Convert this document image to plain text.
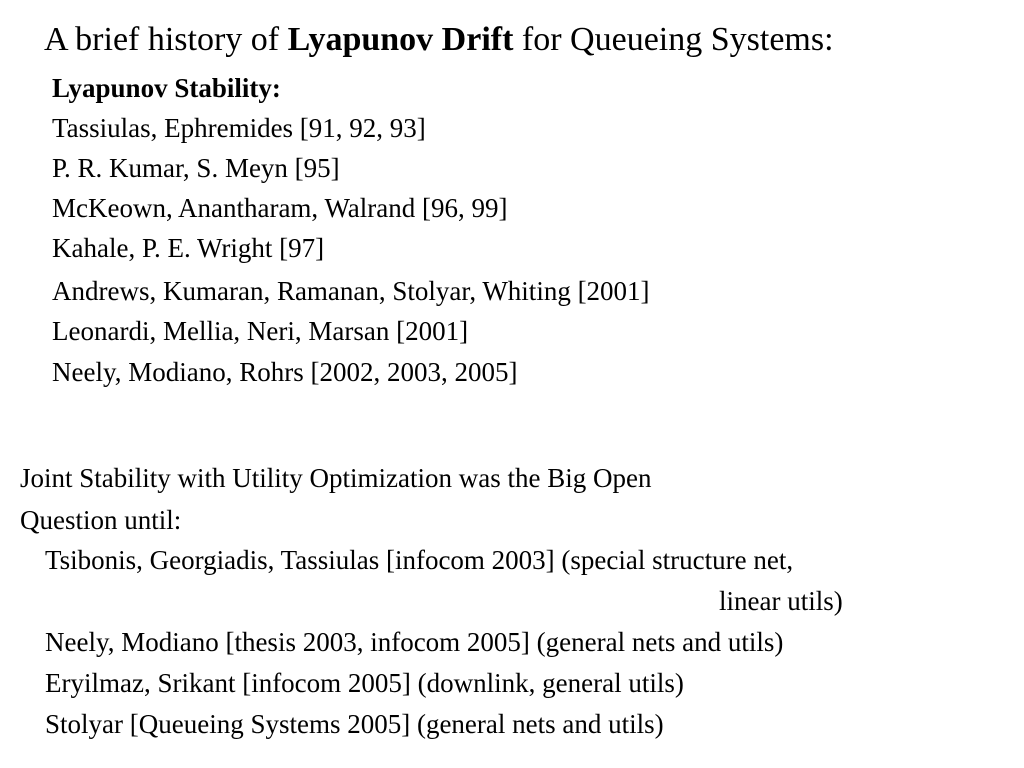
A brief history of Lyapunov Drift for Queueing Systems:
Lyapunov Stability:
Tassiulas, Ephremides [91, 92, 93]
P. R. Kumar, S. Meyn [95]
McKeown, Anantharam, Walrand [96, 99]
Kahale, P. E. Wright [97]
Andrews, Kumaran, Ramanan, Stolyar, Whiting [2001]
Leonardi, Mellia, Neri, Marsan [2001]
Neely, Modiano, Rohrs [2002, 2003, 2005]
Joint Stability with Utility Optimization was the Big Open
Question until:
Tsibonis, Georgiadis, Tassiulas [infocom 2003] (special structure net,
linear utils)
Neely, Modiano [thesis 2003, infocom 2005] (general nets and utils)
Eryilmaz, Srikant [infocom 2005] (downlink, general utils)
Stolyar [Queueing Systems 2005] (general nets and utils)
